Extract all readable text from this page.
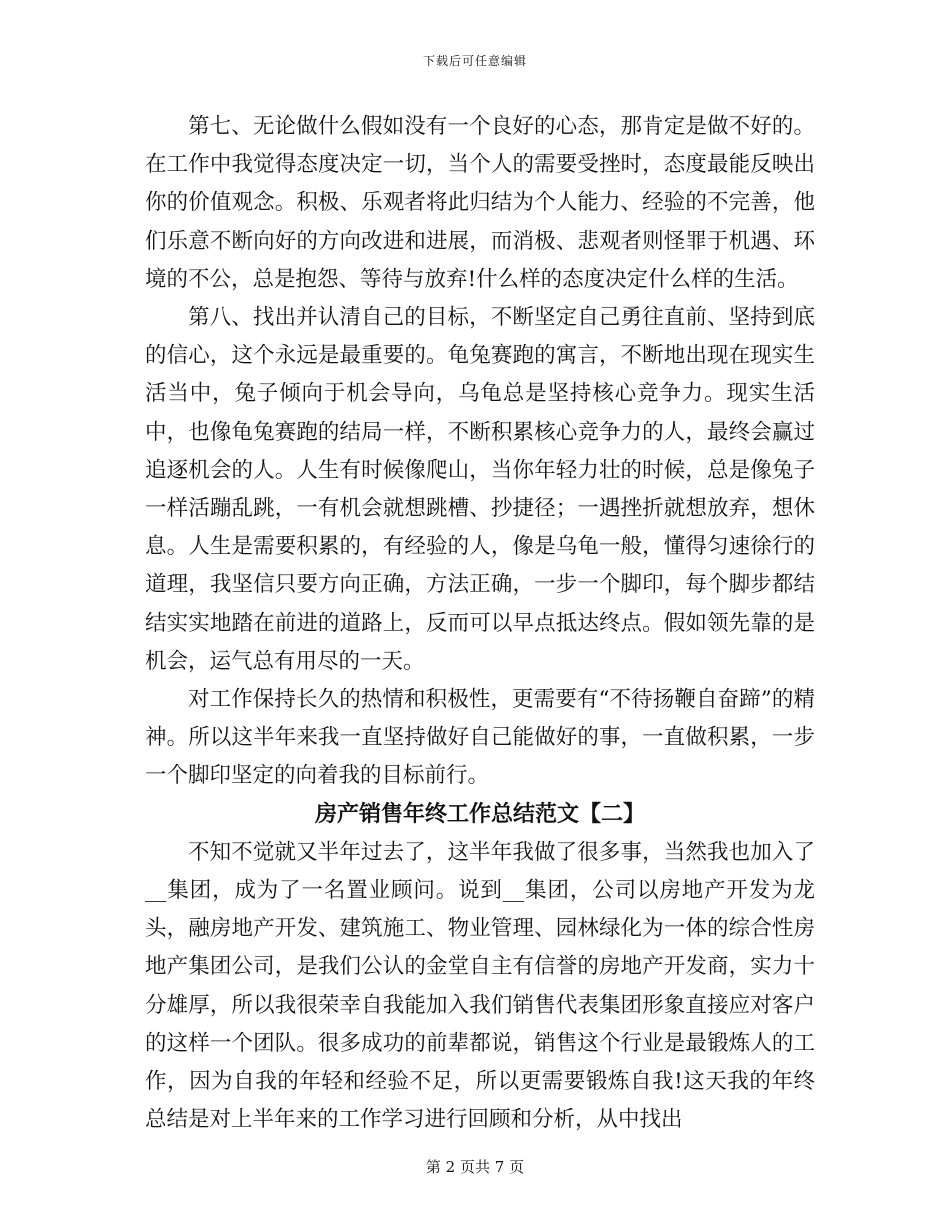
下载后可任意编辑

第七、无论做什么假如没有一个良好的心态，那肯定是做不好的。在工作中我觉得态度决定一切，当个人的需要受挫时，态度最能反映出你的价值观念。积极、乐观者将此归结为个人能力、经验的不完善，他们乐意不断向好的方向改进和进展，而消极、悲观者则怪罪于机遇、环境的不公，总是抱怨、等待与放弃!什么样的态度决定什么样的生活。

第八、找出并认清自己的目标，不断坚定自己勇往直前、坚持到底的信心，这个永远是最重要的。龟兔赛跑的寓言，不断地出现在现实生活当中，兔子倾向于机会导向，乌龟总是坚持核心竞争力。现实生活中，也像龟兔赛跑的结局一样，不断积累核心竞争力的人，最终会赢过追逐机会的人。人生有时候像爬山，当你年轻力壮的时候，总是像兔子一样活蹦乱跳，一有机会就想跳槽、抄捷径；一遇挫折就想放弃，想休息。人生是需要积累的，有经验的人，像是乌龟一般，懂得匀速徐行的道理，我坚信只要方向正确，方法正确，一步一个脚印，每个脚步都结结实实地踏在前进的道路上，反而可以早点抵达终点。假如领先靠的是机会，运气总有用尽的一天。

对工作保持长久的热情和积极性，更需要有“不待扬鞭自奋蹄”的精神。所以这半年来我一直坚持做好自己能做好的事，一直做积累，一步一个脚印坚定的向着我的目标前行。

房产销售年终工作总结范文【二】

不知不觉就又半年过去了，这半年我做了很多事，当然我也加入了__集团，成为了一名置业顾问。说到__集团，公司以房地产开发为龙头，融房地产开发、建筑施工、物业管理、园林绿化为一体的综合性房地产集团公司，是我们公认的金堂自主有信誉的房地产开发商，实力十分雄厚，所以我很荣幸自我能加入我们销售代表集团形象直接应对客户的这样一个团队。很多成功的前辈都说，销售这个行业是最锻炼人的工作，因为自我的年轻和经验不足，所以更需要锻炼自我!这天我的年终总结是对上半年来的工作学习进行回顾和分析，从中找出

第 2 页共 7 页
